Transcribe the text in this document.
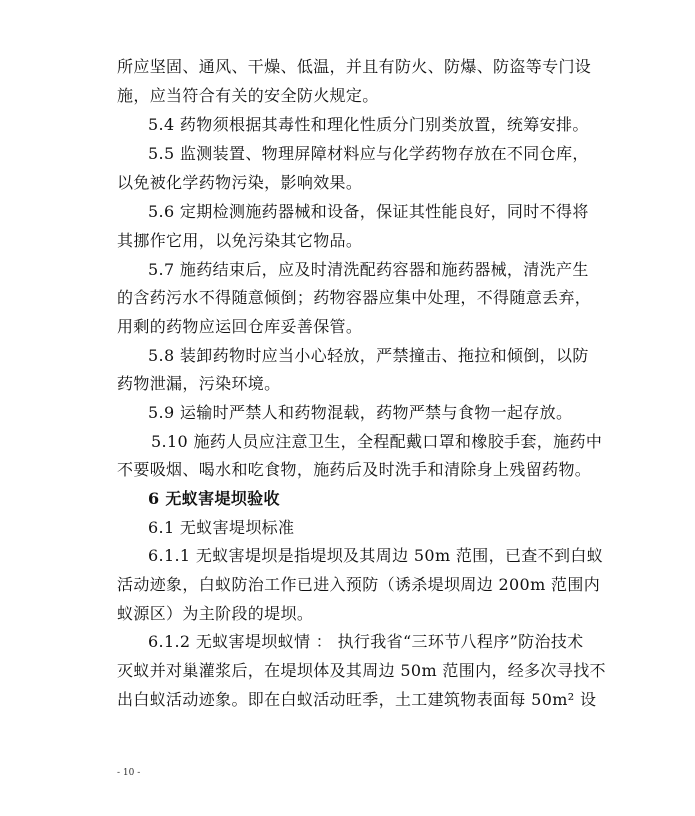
所应坚固、通风、干燥、低温，并且有防火、防爆、防盗等专门设
施，应当符合有关的安全防火规定。
5.4 药物须根据其毒性和理化性质分门别类放置，统筹安排。
5.5 监测装置、物理屏障材料应与化学药物存放在不同仓库，
以免被化学药物污染，影响效果。
5.6 定期检测施药器械和设备，保证其性能良好，同时不得将
其挪作它用，以免污染其它物品。
5.7 施药结束后，应及时清洗配药容器和施药器械，清洗产生
的含药污水不得随意倾倒；药物容器应集中处理，不得随意丢弃，
用剩的药物应运回仓库妥善保管。
5.8 装卸药物时应当小心轻放，严禁撞击、拖拉和倾倒，以防
药物泄漏，污染环境。
5.9 运输时严禁人和药物混载，药物严禁与食物一起存放。
5.10 施药人员应注意卫生，全程配戴口罩和橡胶手套，施药中
不要吸烟、喝水和吃食物，施药后及时洗手和清除身上残留药物。
6 无蚁害堤坝验收
6.1 无蚁害堤坝标准
6.1.1 无蚁害堤坝是指堤坝及其周边 50m 范围，已查不到白蚁
活动迹象，白蚁防治工作已进入预防（诱杀堤坝周边 200m 范围内
蚁源区）为主阶段的堤坝。
6.1.2 无蚁害堤坝蚁情 ： 执行我省“三环节八程序”防治技术
灭蚁并对巢灌浆后，在堤坝体及其周边 50m 范围内，经多次寻找不
出白蚁活动迹象。即在白蚁活动旺季，土工建筑物表面每 50m² 设
- 10 -
